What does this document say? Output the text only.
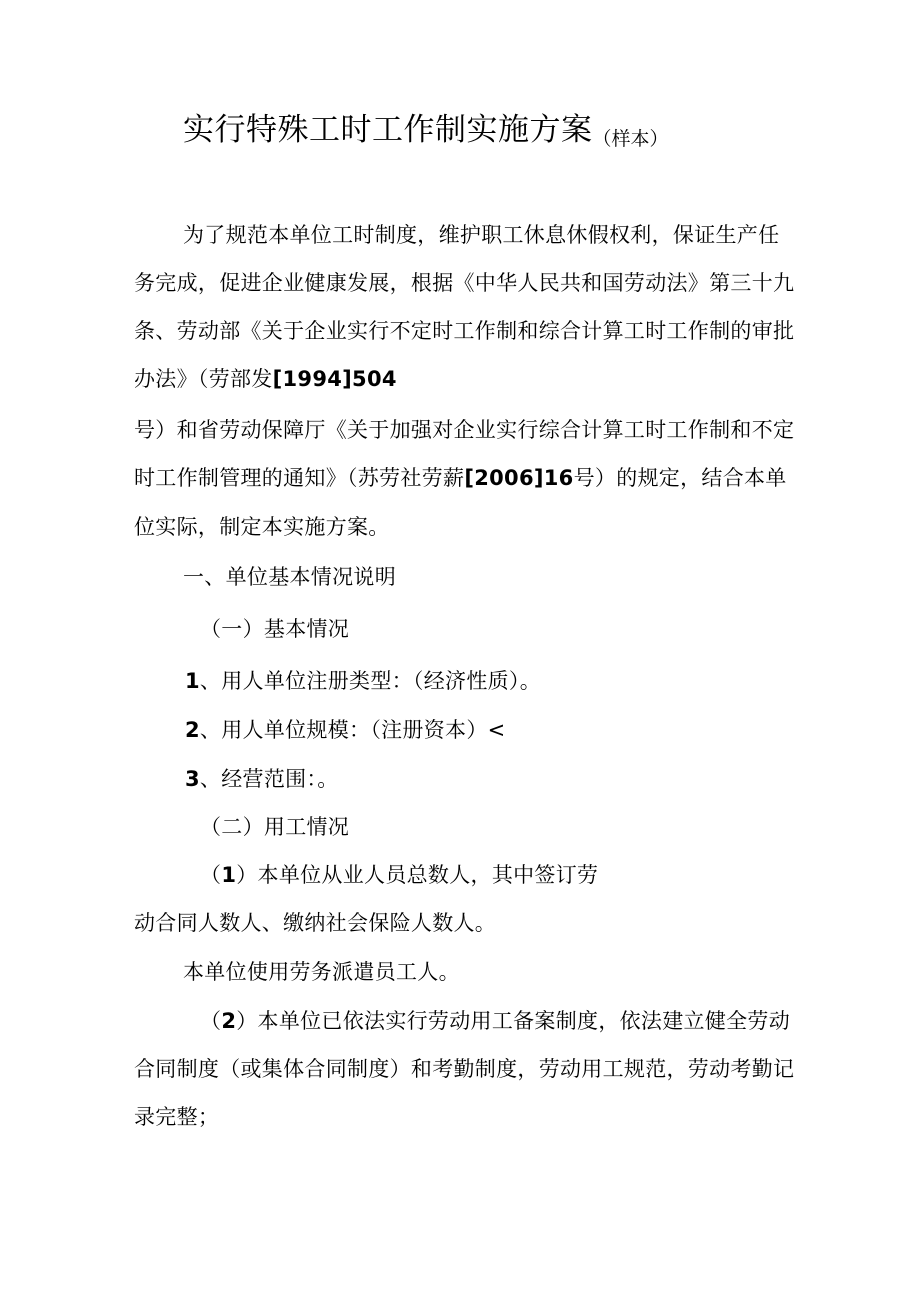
实行特殊工时工作制实施方案（样本）
为了规范本单位工时制度，维护职工休息休假权利，保证生产任
务完成，促进企业健康发展，根据《中华人民共和国劳动法》第三十九
条、劳动部《关于企业实行不定时工作制和综合计算工时工作制的审批
办法》（劳部发[1994]504
号）和省劳动保障厅《关于加强对企业实行综合计算工时工作制和不定
时工作制管理的通知》（苏劳社劳薪[2006]16号）的规定，结合本单
位实际，制定本实施方案。
一、单位基本情况说明
（一）基本情况
1、用人单位注册类型：（经济性质）。
2、用人单位规模：（注册资本）<
3、经营范围：。
（二）用工情况
（1）本单位从业人员总数人，其中签订劳
动合同人数人、缴纳社会保险人数人。
本单位使用劳务派遣员工人。
（2）本单位已依法实行劳动用工备案制度，依法建立健全劳动
合同制度（或集体合同制度）和考勤制度，劳动用工规范，劳动考勤记
录完整；
